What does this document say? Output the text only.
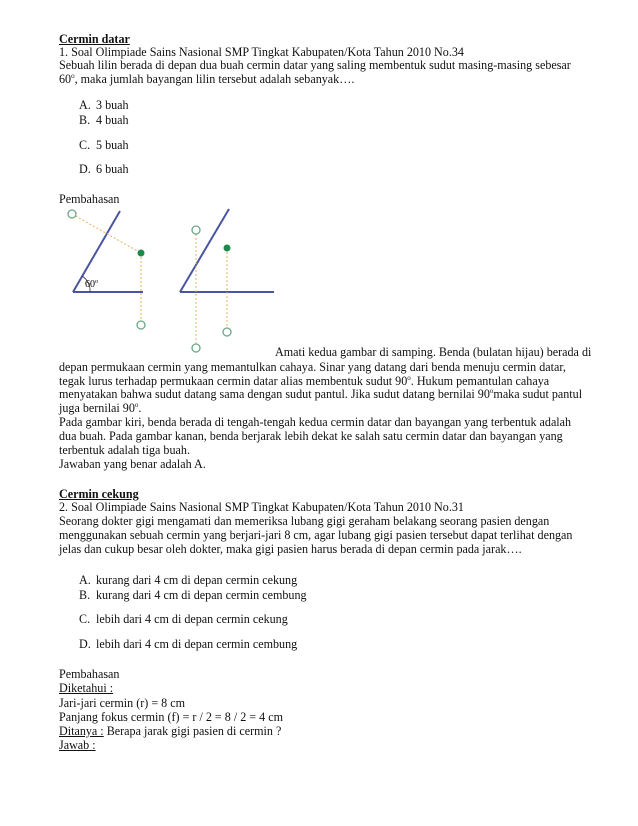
Cermin datar
1. Soal Olimpiade Sains Nasional SMP Tingkat Kabupaten/Kota Tahun 2010 No.34
Sebuah lilin berada di depan dua buah cermin datar yang saling membentuk sudut masing-masing sebesar
60$^o$, maka jumlah bayangan lilin tersebut adalah sebanyak….
A. 3 buah
B. 4 buah
C. 5 buah
D. 6 buah
Pembahasan
60$^o$
Amati kedua gambar di samping. Benda (bulatan hijau) berada di
depan permukaan cermin yang memantulkan cahaya. Sinar yang datang dari benda menuju cermin datar,
tegak lurus terhadap permukaan cermin datar alias membentuk sudut 90$^o$. Hukum pemantulan cahaya
menyatakan bahwa sudut datang sama dengan sudut pantul. Jika sudut datang bernilai 90$^o$maka sudut pantul
juga bernilai 90$^o$.
Pada gambar kiri, benda berada di tengah-tengah kedua cermin datar dan bayangan yang terbentuk adalah
dua buah. Pada gambar kanan, benda berjarak lebih dekat ke salah satu cermin datar dan bayangan yang
terbentuk adalah tiga buah.
Jawaban yang benar adalah A.
Cermin cekung
2. Soal Olimpiade Sains Nasional SMP Tingkat Kabupaten/Kota Tahun 2010 No.31
Seorang dokter gigi mengamati dan memeriksa lubang gigi geraham belakang seorang pasien dengan
menggunakan sebuah cermin yang berjari-jari 8 cm, agar lubang gigi pasien tersebut dapat terlihat dengan
jelas dan cukup besar oleh dokter, maka gigi pasien harus berada di depan cermin pada jarak….
A. kurang dari 4 cm di depan cermin cekung
B. kurang dari 4 cm di depan cermin cembung
C. lebih dari 4 cm di depan cermin cekung
D. lebih dari 4 cm di depan cermin cembung
Pembahasan
Diketahui :
Jari-jari cermin (r) = 8 cm
Panjang fokus cermin (f) = r / 2 = 8 / 2 = 4 cm
Ditanya : Berapa jarak gigi pasien di cermin ?
Jawab :
